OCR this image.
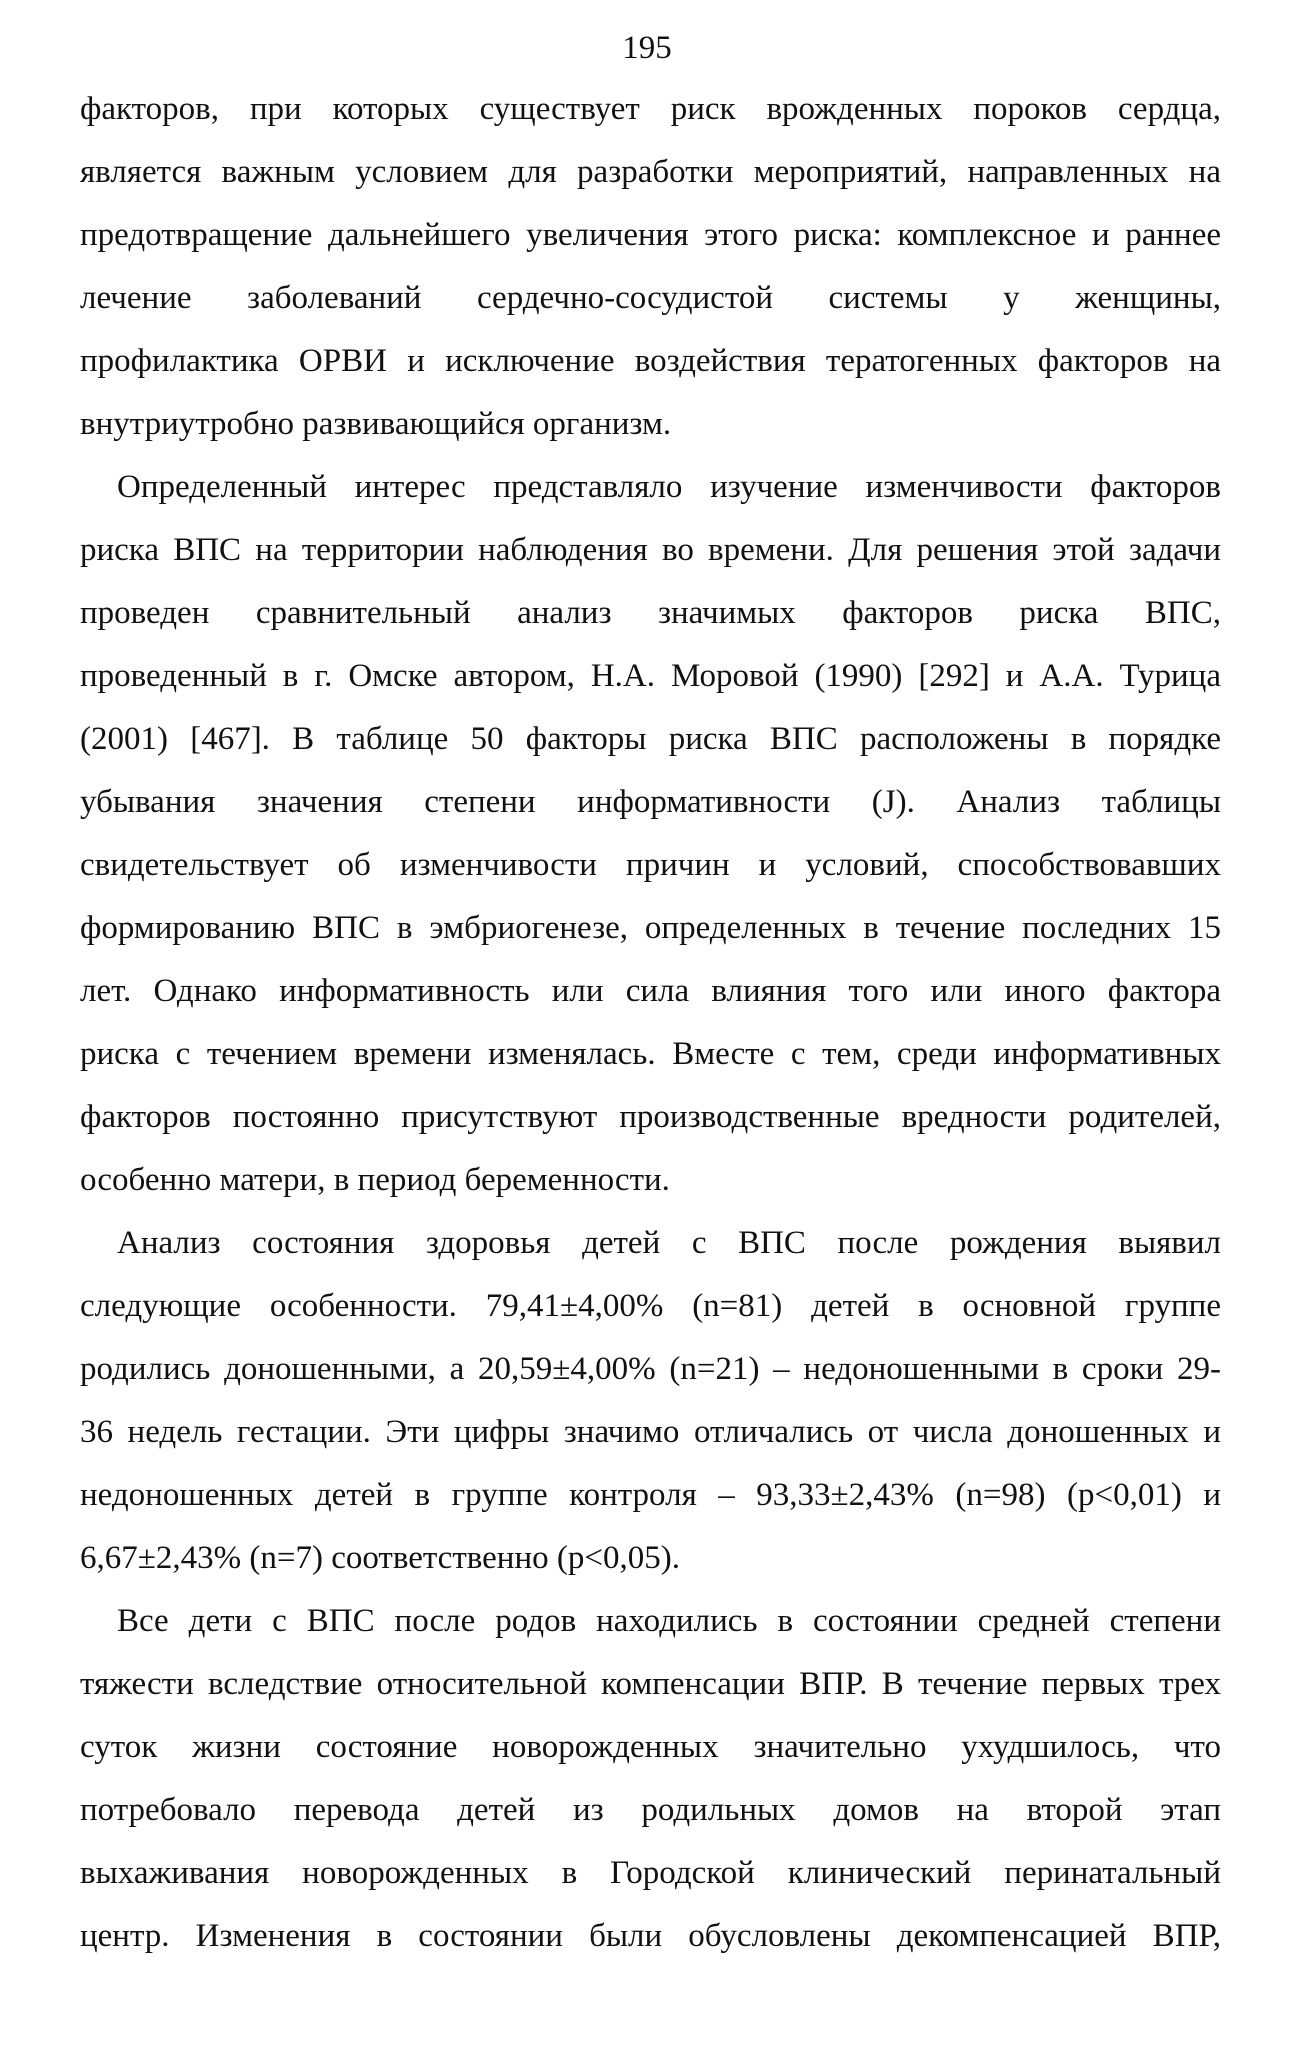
195
факторов, при которых существует риск врожденных пороков сердца,
является важным условием для разработки мероприятий, направленных на
предотвращение дальнейшего увеличения этого риска: комплексное и раннее
лечение заболеваний сердечно-сосудистой системы у женщины,
профилактика ОРВИ и исключение воздействия тератогенных факторов на
внутриутробно развивающийся организм.
Определенный интерес представляло изучение изменчивости факторов
риска ВПС на территории наблюдения во времени. Для решения этой задачи
проведен сравнительный анализ значимых факторов риска ВПС,
проведенный в г. Омске автором, Н.А. Моровой (1990) [292] и А.А. Турица
(2001) [467]. В таблице 50 факторы риска ВПС расположены в порядке
убывания значения степени информативности (J). Анализ таблицы
свидетельствует об изменчивости причин и условий, способствовавших
формированию ВПС в эмбриогенезе, определенных в течение последних 15
лет. Однако информативность или сила влияния того или иного фактора
риска с течением времени изменялась. Вместе с тем, среди информативных
факторов постоянно присутствуют производственные вредности родителей,
особенно матери, в период беременности.
Анализ состояния здоровья детей с ВПС после рождения выявил
следующие особенности. 79,41±4,00% (n=81) детей в основной группе
родились доношенными, а 20,59±4,00% (n=21) – недоношенными в сроки 29-
36 недель гестации. Эти цифры значимо отличались от числа доношенных и
недоношенных детей в группе контроля – 93,33±2,43% (n=98) (p<0,01) и
6,67±2,43% (n=7) соответственно (p<0,05).
Все дети с ВПС после родов находились в состоянии средней степени
тяжести вследствие относительной компенсации ВПР. В течение первых трех
суток жизни состояние новорожденных значительно ухудшилось, что
потребовало перевода детей из родильных домов на второй этап
выхаживания новорожденных в Городской клинический перинатальный
центр. Изменения в состоянии были обусловлены декомпенсацией ВПР,
